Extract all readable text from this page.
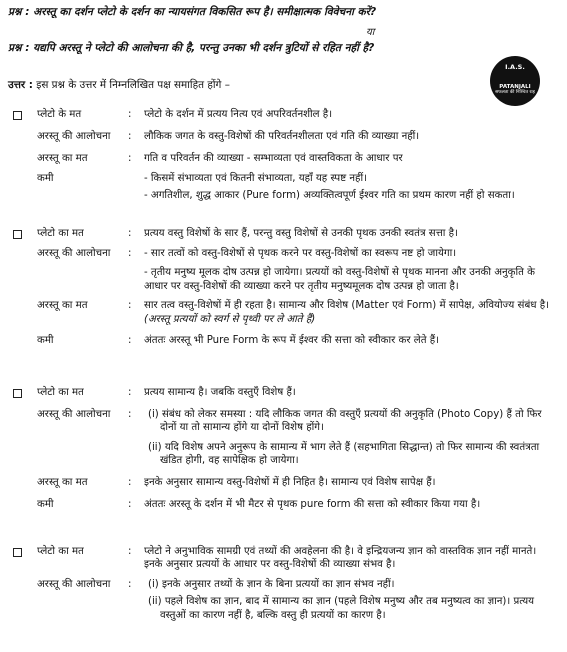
प्रश्न : अरस्तू का दर्शन प्लेटो के दर्शन का न्यायसंगत विकसित रूप है। समीक्षात्मक विवेचना करें?
या
प्रश्न : यद्यपि अरस्तू ने प्लेटो की आलोचना की है, परन्तु उनका भी दर्शन त्रुटियों से रहित नहीं है?
I.A.S.
PATANJALI
सफलता की निश्चित राह
उत्तर : इस प्रश्न के उत्तर में निम्नलिखित पक्ष समाहित होंगे –
प्लेटो के मत	: प्लेटो के दर्शन में प्रत्यय नित्य एवं अपरिवर्तनशील है।
अरस्तू की आलोचना	: लौकिक जगत के वस्तु-विशेषों की परिवर्तनशीलता एवं गति की व्याख्या नहीं।
अरस्तू का मत	: गति व परिवर्तन की व्याख्या - सम्भाव्यता एवं वास्तविकता के आधार पर
कमी	- किसमें संभाव्यता एवं कितनी संभाव्यता, यहाँ यह स्पष्ट नहीं।
- अगतिशील, शुद्ध आकार (Pure form) अव्यक्तित्वपूर्ण ईश्वर गति का प्रथम कारण नहीं हो सकता।
प्लेटो का मत	: प्रत्यय वस्तु विशेषों के सार हैं, परन्तु वस्तु विशेषों से उनकी पृथक उनकी स्वतंत्र सत्ता है।
अरस्तू की आलोचना	: - सार तत्वों को वस्तु-विशेषों से पृथक करने पर वस्तु-विशेषों का स्वरूप नष्ट हो जायेगा।
- तृतीय मनुष्य मूलक दोष उत्पन्न हो जायेगा। प्रत्ययों को वस्तु-विशेषों से पृथक मानना और उनकी अनुकृति के आधार पर वस्तु-विशेषों की व्याख्या करने पर तृतीय मनुष्यमूलक दोष उत्पन्न हो जाता है।
अरस्तू का मत	: सार तत्व वस्तु-विशेषों में ही रहता है। सामान्य और विशेष (Matter एवं Form) में सापेक्ष, अवियोज्य संबंध है। (अरस्तू प्रत्ययों को स्वर्ग से पृथ्वी पर ले आते हैं)
कमी	: अंततः अरस्तू भी Pure Form के रूप में ईश्वर की सत्ता को स्वीकार कर लेते हैं।
प्लेटो का मत	: प्रत्यय सामान्य है। जबकि वस्तुएँ विशेष हैं।
अरस्तू की आलोचना	: (i) संबंध को लेकर समस्या : यदि लौकिक जगत की वस्तुएँ प्रत्ययों की अनुकृति (Photo Copy) हैं तो फिर दोनों या तो सामान्य होंगे या दोनों विशेष होंगे।
(ii) यदि विशेष अपने अनुरूप के सामान्य में भाग लेते हैं (सहभागिता सिद्धान्त) तो फिर सामान्य की स्वतंत्रता खंडित होगी, वह सापेक्षिक हो जायेगा।
अरस्तू का मत	: इनके अनुसार सामान्य वस्तु-विशेषों में ही निहित है। सामान्य एवं विशेष सापेक्ष हैं।
कमी	: अंततः अरस्तू के दर्शन में भी मैटर से पृथक pure form की सत्ता को स्वीकार किया गया है।
प्लेटो का मत	: प्लेटो ने अनुभाविक सामग्री एवं तथ्यों की अवहेलना की है। वे इन्द्रियजन्य ज्ञान को वास्तविक ज्ञान नहीं मानते। इनके अनुसार प्रत्ययों के आधार पर वस्तु-विशेषों की व्याख्या संभव है।
अरस्तू की आलोचना	: (i) इनके अनुसार तथ्यों के ज्ञान के बिना प्रत्ययों का ज्ञान संभव नहीं।
(ii) पहले विशेष का ज्ञान, बाद में सामान्य का ज्ञान (पहले विशेष मनुष्य और तब मनुष्यत्व का ज्ञान)। प्रत्यय वस्तुओं का कारण नहीं है, बल्कि वस्तु ही प्रत्ययों का कारण है।
